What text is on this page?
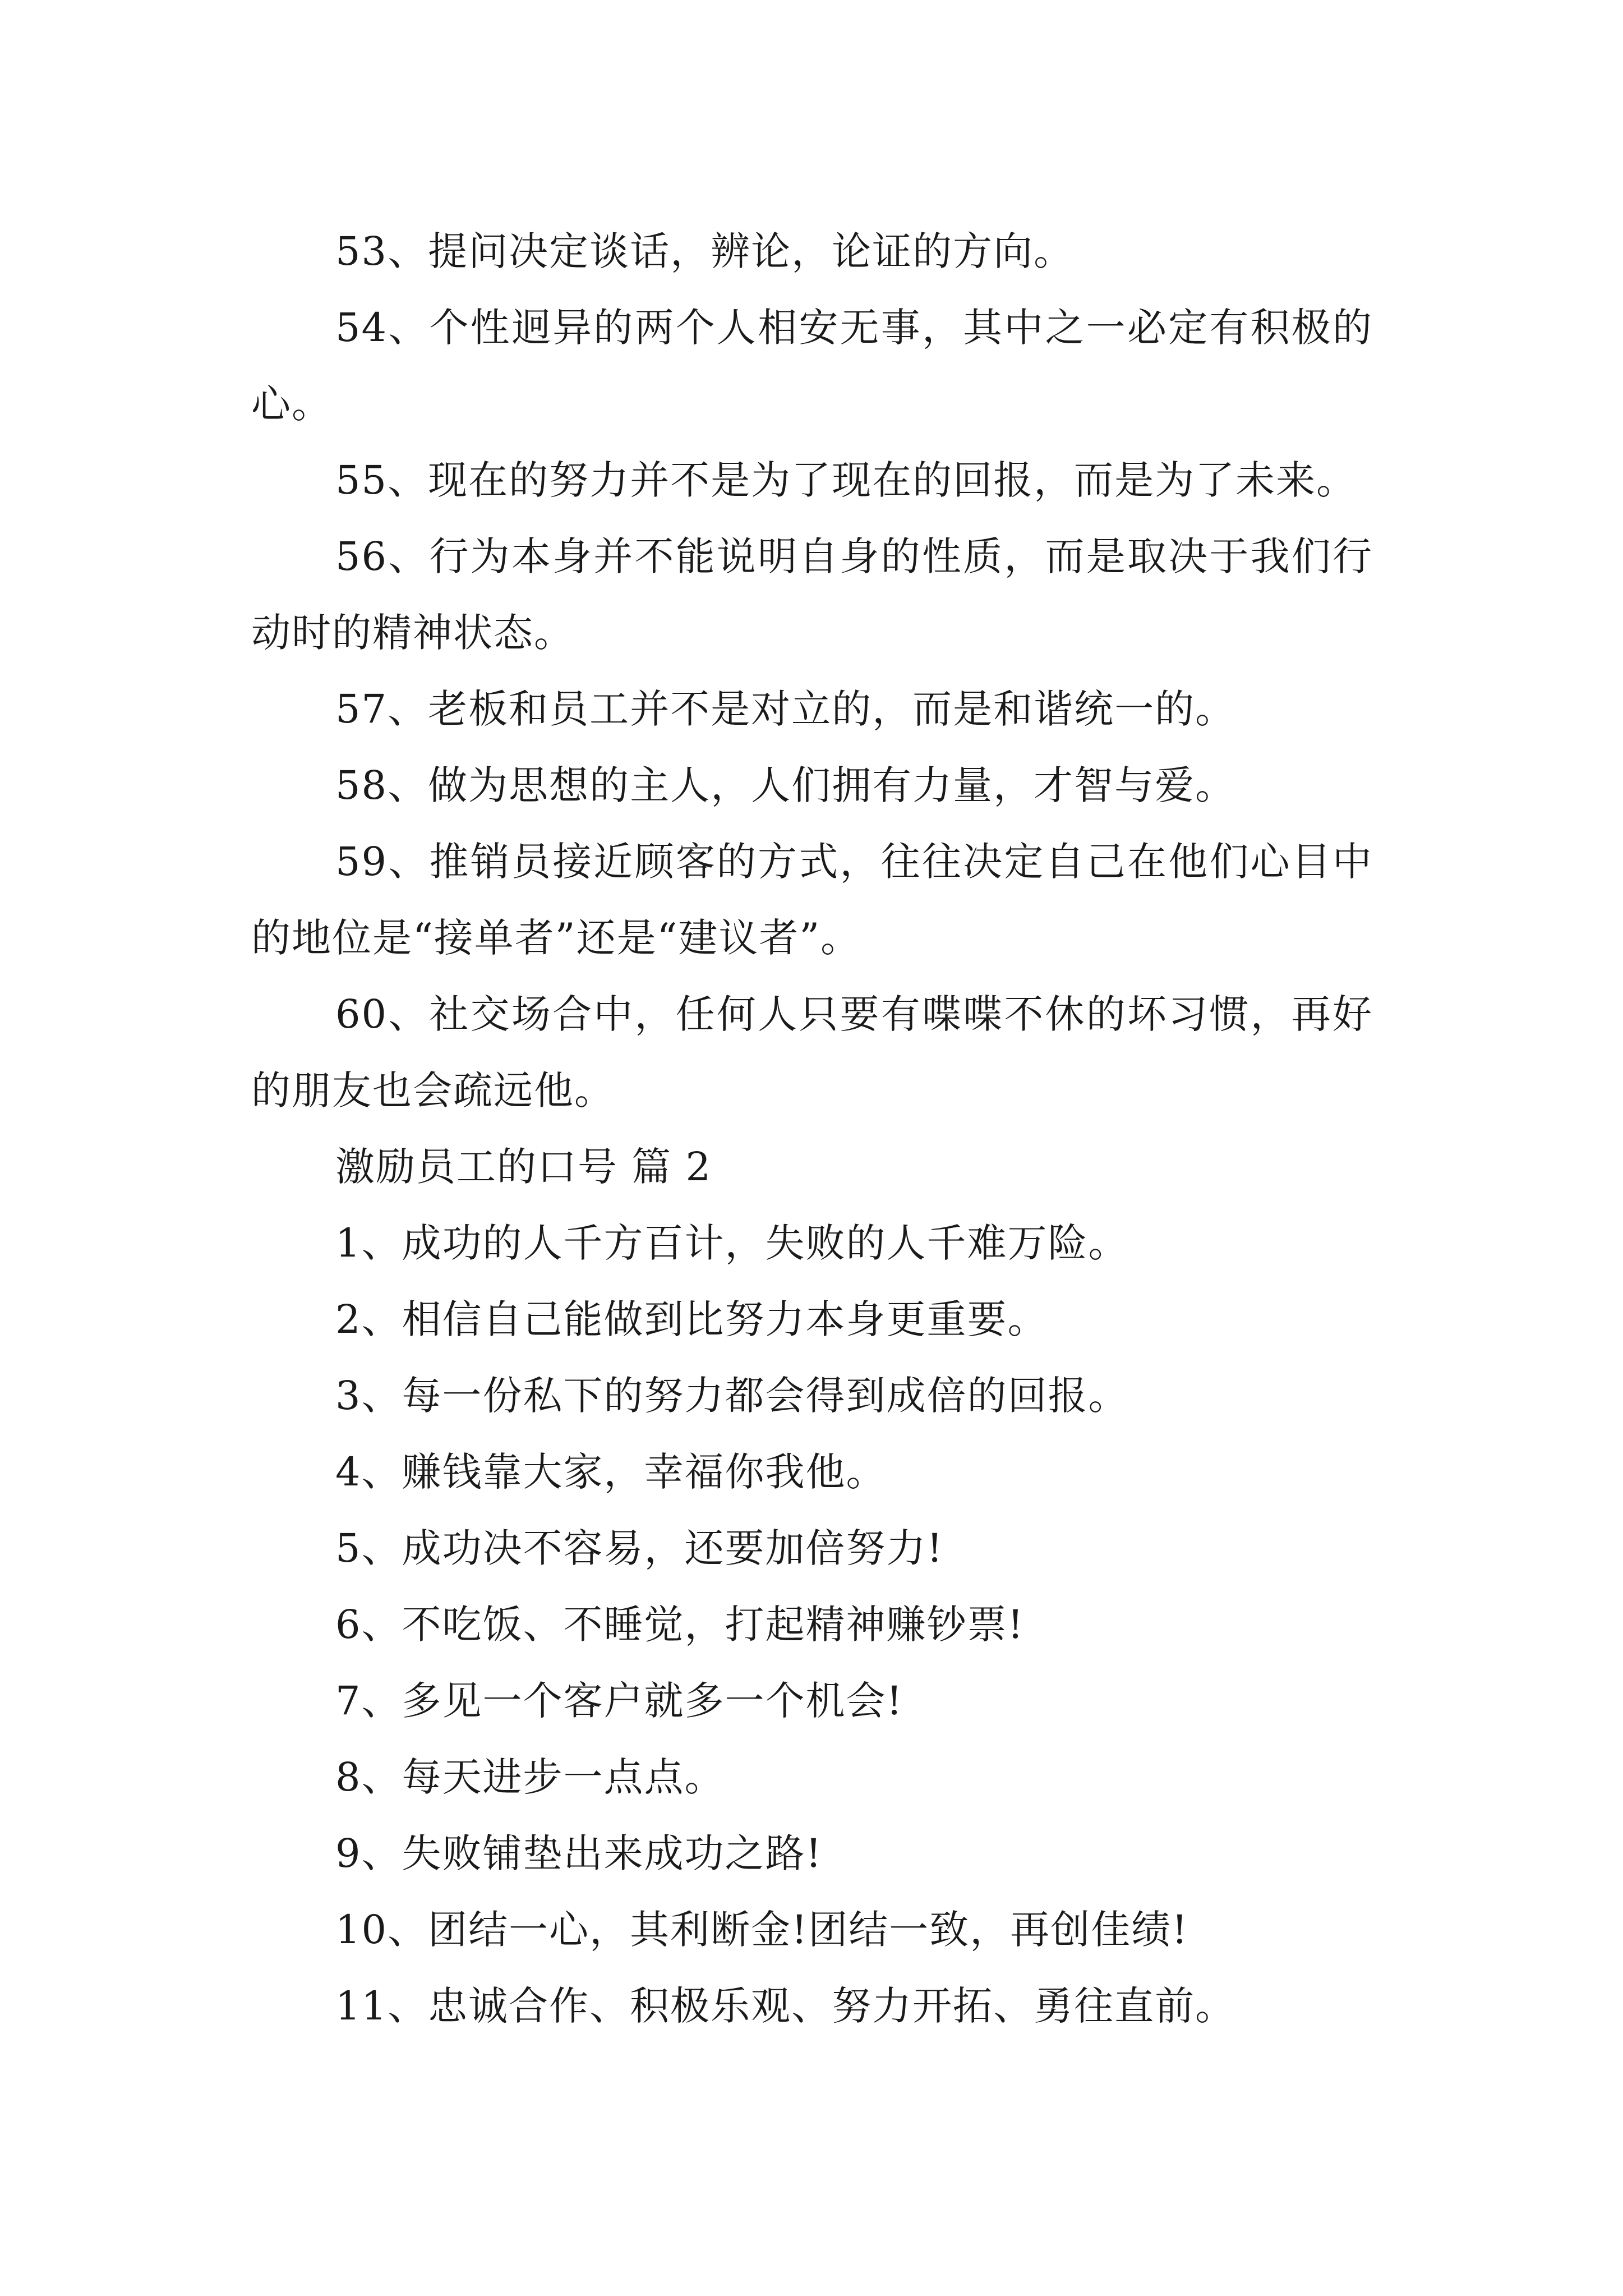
53、提问决定谈话，辨论，论证的方向。

54、个性迥异的两个人相安无事，其中之一必定有积极的心。

55、现在的努力并不是为了现在的回报，而是为了未来。

56、行为本身并不能说明自身的性质，而是取决于我们行动时的精神状态。

57、老板和员工并不是对立的，而是和谐统一的。

58、做为思想的主人，人们拥有力量，才智与爱。

59、推销员接近顾客的方式，往往决定自己在他们心目中的地位是“接单者”还是“建议者”。

60、社交场合中，任何人只要有喋喋不休的坏习惯，再好的朋友也会疏远他。

激励员工的口号 篇 2

1、成功的人千方百计，失败的人千难万险。

2、相信自己能做到比努力本身更重要。

3、每一份私下的努力都会得到成倍的回报。

4、赚钱靠大家，幸福你我他。

5、成功决不容易，还要加倍努力!

6、不吃饭、不睡觉，打起精神赚钞票!

7、多见一个客户就多一个机会!

8、每天进步一点点。

9、失败铺垫出来成功之路!

10、团结一心，其利断金!团结一致，再创佳绩!

11、忠诚合作、积极乐观、努力开拓、勇往直前。
